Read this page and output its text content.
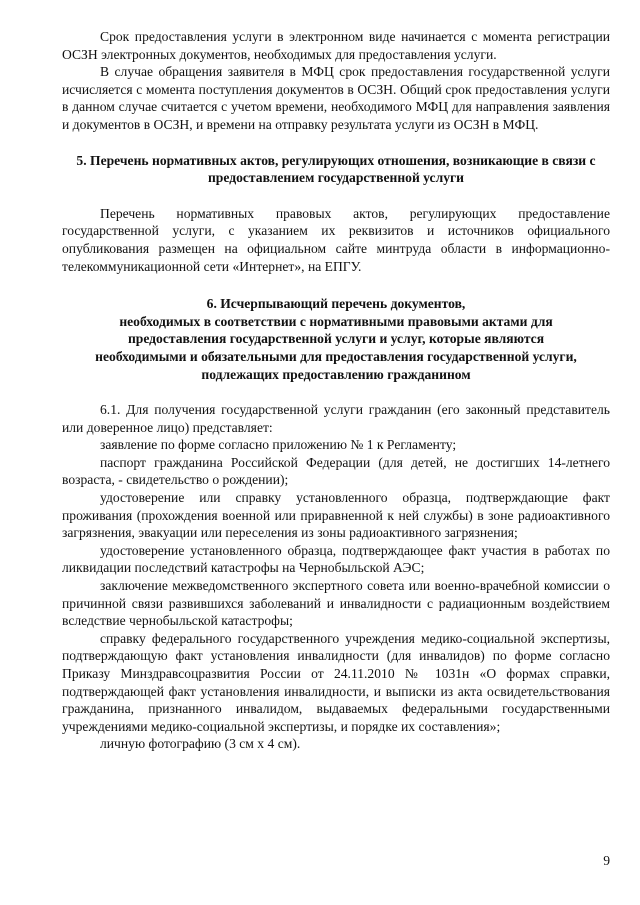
Срок предоставления услуги в электронном виде начинается с момента регистрации ОСЗН электронных документов, необходимых для предоставления услуги.

В случае обращения заявителя в МФЦ срок предоставления государственной услуги исчисляется с момента поступления документов в ОСЗН. Общий срок предоставления услуги в данном случае считается с учетом времени, необходимого МФЦ для направления заявления и документов в ОСЗН, и времени на отправку результата услуги из ОСЗН в МФЦ.

5. Перечень нормативных актов, регулирующих отношения, возникающие в связи с предоставлением государственной услуги

Перечень нормативных правовых актов, регулирующих предоставление государственной услуги, с указанием их реквизитов и источников официального опубликования размещен на официальном сайте минтруда области в информационно-телекоммуникационной сети «Интернет», на ЕПГУ.

6. Исчерпывающий перечень документов,

необходимых в соответствии с нормативными правовыми актами для

предоставления государственной услуги и услуг, которые являются

необходимыми и обязательными для предоставления государственной услуги,

подлежащих предоставлению гражданином

6.1. Для получения государственной услуги гражданин (его законный представитель или доверенное лицо) представляет:

заявление по форме согласно приложению № 1 к Регламенту;

паспорт гражданина Российской Федерации (для детей, не достигших 14-летнего возраста, - свидетельство о рождении);

удостоверение или справку установленного образца, подтверждающие факт проживания (прохождения военной или приравненной к ней службы) в зоне радиоактивного загрязнения, эвакуации или переселения из зоны радиоактивного загрязнения;

удостоверение установленного образца, подтверждающее факт участия в работах по ликвидации последствий катастрофы на Чернобыльской АЭС;

заключение межведомственного экспертного совета или военно-врачебной комиссии о причинной связи развившихся заболеваний и инвалидности с радиационным воздействием вследствие чернобыльской катастрофы;

справку федерального государственного учреждения медико-социальной экспертизы, подтверждающую факт установления инвалидности (для инвалидов) по форме согласно Приказу Минздравсоцразвития России от 24.11.2010 № 1031н «О формах справки, подтверждающей факт установления инвалидности, и выписки из акта освидетельствования гражданина, признанного инвалидом, выдаваемых федеральными государственными учреждениями медико-социальной экспертизы, и порядке их составления»;

личную фотографию (3 см х 4 см).

9
